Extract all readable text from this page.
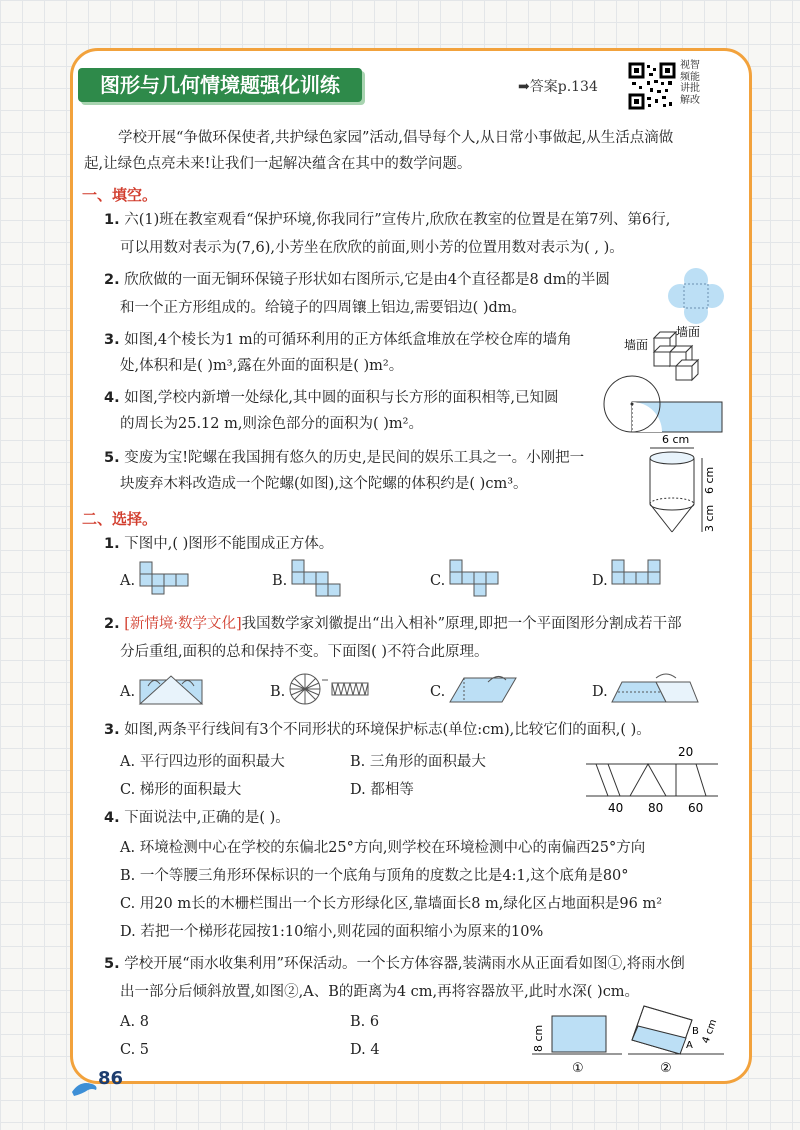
图形与几何情境题强化训练	➡答案p.134
视智
频能
讲批
解改
学校开展“争做环保使者,共护绿色家园”活动,倡导每个人,从日常小事做起,从生活点滴做
起,让绿色点亮未来!让我们一起解决蕴含在其中的数学问题。
一、填空。
1. 六(1)班在教室观看“保护环境,你我同行”宣传片,欣欣在教室的位置是在第7列、第6行,
可以用数对表示为(7,6),小芳坐在欣欣的前面,则小芳的位置用数对表示为( , )。
2. 欣欣做的一面无铜环保镜子形状如右图所示,它是由4个直径都是8 dm的半圆
和一个正方形组成的。给镜子的四周镶上铝边,需要铝边( )dm。
3. 如图,4个棱长为1 m的可循环利用的正方体纸盒堆放在学校仓库的墙角
处,体积和是( )m³,露在外面的面积是( )m²。
4. 如图,学校内新增一处绿化,其中圆的面积与长方形的面积相等,已知圆
的周长为25.12 m,则涂色部分的面积为( )m²。
5. 变废为宝!陀螺在我国拥有悠久的历史,是民间的娱乐工具之一。小刚把一
块废弃木料改造成一个陀螺(如图),这个陀螺的体积约是( )cm³。
墙面
墙面
6 cm
6 cm
3 cm
二、选择。
1. 下图中,( )图形不能围成正方体。
A.	B.	C.	D.
2. [新情境·数学文化]我国数学家刘徽提出“出入相补”原理,即把一个平面图形分割成若干部
分后重组,面积的总和保持不变。下面图( )不符合此原理。
A.	B.	C.	D.
3. 如图,两条平行线间有3个不同形状的环境保护标志(单位:cm),比较它们的面积,( )。
A. 平行四边形的面积最大	B. 三角形的面积最大
C. 梯形的面积最大	D. 都相等
20
40 80 60
4. 下面说法中,正确的是( )。
A. 环境检测中心在学校的东偏北25°方向,则学校在环境检测中心的南偏西25°方向
B. 一个等腰三角形环保标识的一个底角与顶角的度数之比是4:1,这个底角是80°
C. 用20 m长的木栅栏围出一个长方形绿化区,靠墙面长8 m,绿化区占地面积是96 m²
D. 若把一个梯形花园按1:10缩小,则花园的面积缩小为原来的10%
5. 学校开展“雨水收集利用”环保活动。一个长方体容器,装满雨水从正面看如图①,将雨水倒
出一部分后倾斜放置,如图②,A、B的距离为4 cm,再将容器放平,此时水深( )cm。
A. 8	B. 6
C. 5	D. 4	8 cm
①
A
B 4 cm
②
86
